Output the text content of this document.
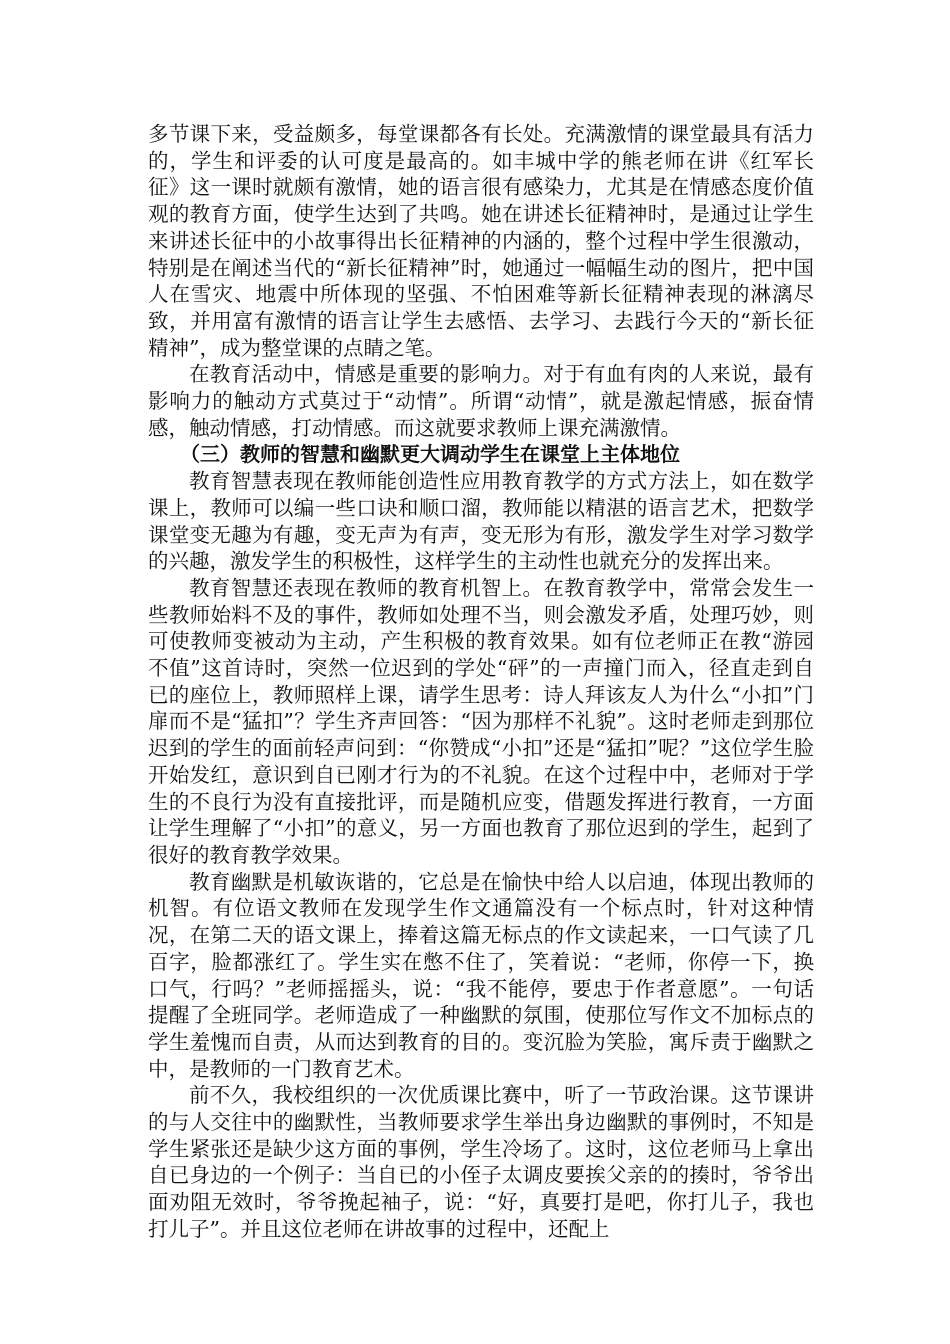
多节课下来，受益颇多，每堂课都各有长处。充满激情的课堂最具有活力的，学生和评委的认可度是最高的。如丰城中学的熊老师在讲《红军长征》这一课时就颇有激情，她的语言很有感染力，尤其是在情感态度价值观的教育方面，使学生达到了共鸣。她在讲述长征精神时，是通过让学生来讲述长征中的小故事得出长征精神的内涵的，整个过程中学生很激动，特别是在阐述当代的“新长征精神”时，她通过一幅幅生动的图片，把中国人在雪灾、地震中所体现的坚强、不怕困难等新长征精神表现的淋漓尽致，并用富有激情的语言让学生去感悟、去学习、去践行今天的“新长征精神”，成为整堂课的点睛之笔。

在教育活动中，情感是重要的影响力。对于有血有肉的人来说，最有影响力的触动方式莫过于“动情”。所谓“动情”，就是激起情感，振奋情感，触动情感，打动情感。而这就要求教师上课充满激情。

（三）教师的智慧和幽默更大调动学生在课堂上主体地位

教育智慧表现在教师能创造性应用教育教学的方式方法上，如在数学课上，教师可以编一些口诀和顺口溜，教师能以精湛的语言艺术，把数学课堂变无趣为有趣，变无声为有声，变无形为有形，激发学生对学习数学的兴趣，激发学生的积极性，这样学生的主动性也就充分的发挥出来。

教育智慧还表现在教师的教育机智上。在教育教学中，常常会发生一些教师始料不及的事件，教师如处理不当，则会激发矛盾，处理巧妙，则可使教师变被动为主动，产生积极的教育效果。如有位老师正在教“游园不值”这首诗时，突然一位迟到的学处“砰”的一声撞门而入，径直走到自已的座位上，教师照样上课，请学生思考：诗人拜该友人为什么“小扣”门扉而不是“猛扣”？学生齐声回答：“因为那样不礼貌”。这时老师走到那位迟到的学生的面前轻声问到：“你赞成“小扣”还是“猛扣”呢？”这位学生脸开始发红，意识到自已刚才行为的不礼貌。在这个过程中中，老师对于学生的不良行为没有直接批评，而是随机应变，借题发挥进行教育，一方面让学生理解了“小扣”的意义，另一方面也教育了那位迟到的学生，起到了很好的教育教学效果。

教育幽默是机敏诙谐的，它总是在愉快中给人以启迪，体现出教师的机智。有位语文教师在发现学生作文通篇没有一个标点时，针对这种情况，在第二天的语文课上，捧着这篇无标点的作文读起来，一口气读了几百字，脸都涨红了。学生实在憋不住了，笑着说：“老师，你停一下，换口气，行吗？”老师摇摇头，说：“我不能停，要忠于作者意愿”。一句话提醒了全班同学。老师造成了一种幽默的氛围，使那位写作文不加标点的学生羞愧而自责，从而达到教育的目的。变沉脸为笑脸，寓斥责于幽默之中，是教师的一门教育艺术。

前不久，我校组织的一次优质课比赛中，听了一节政治课。这节课讲的与人交往中的幽默性，当教师要求学生举出身边幽默的事例时，不知是学生紧张还是缺少这方面的事例，学生冷场了。这时，这位老师马上拿出自已身边的一个例子：当自已的小侄子太调皮要挨父亲的的揍时，爷爷出面劝阻无效时，爷爷挽起袖子，说：“好，真要打是吧，你打儿子，我也打儿子”。并且这位老师在讲故事的过程中，还配上
